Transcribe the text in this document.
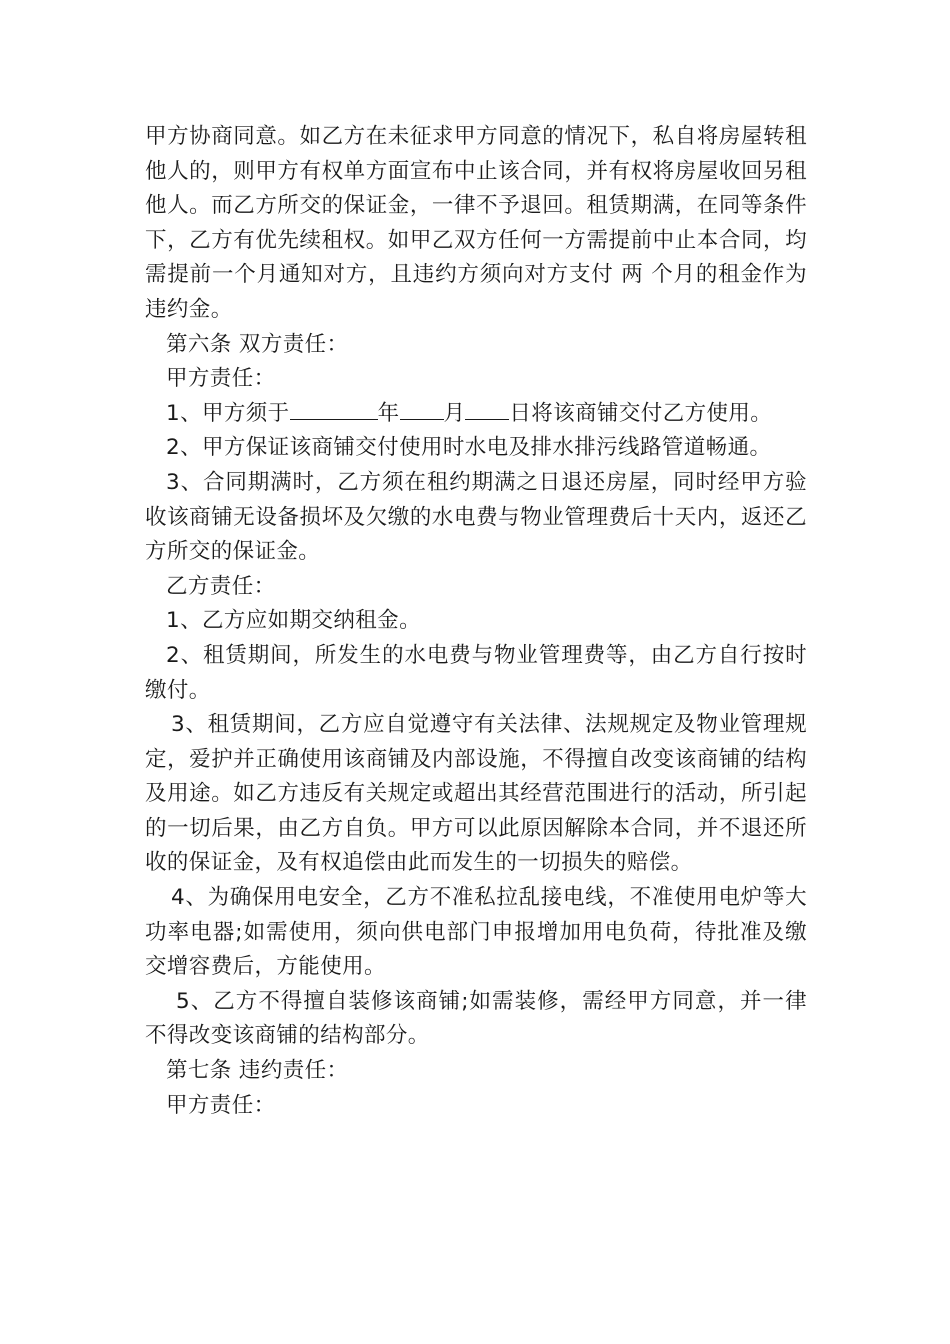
甲方协商同意。如乙方在未征求甲方同意的情况下，私自将房屋转租他人的，则甲方有权单方面宣布中止该合同，并有权将房屋收回另租他人。而乙方所交的保证金，一律不予退回。租赁期满，在同等条件下，乙方有优先续租权。如甲乙双方任何一方需提前中止本合同，均需提前一个月通知对方，且违约方须向对方支付 两 个月的租金作为违约金。

第六条 双方责任：

甲方责任：

1、甲方须于	年 月 日将该商铺交付乙方使用。

2、甲方保证该商铺交付使用时水电及排水排污线路管道畅通。

3、合同期满时，乙方须在租约期满之日退还房屋，同时经甲方验收该商铺无设备损坏及欠缴的水电费与物业管理费后十天内，返还乙方所交的保证金。

乙方责任：

1、乙方应如期交纳租金。

2、租赁期间，所发生的水电费与物业管理费等，由乙方自行按时缴付。

3、租赁期间，乙方应自觉遵守有关法律、法规规定及物业管理规定，爱护并正确使用该商铺及内部设施，不得擅自改变该商铺的结构及用途。如乙方违反有关规定或超出其经营范围进行的活动，所引起的一切后果，由乙方自负。甲方可以此原因解除本合同，并不退还所收的保证金，及有权追偿由此而发生的一切损失的赔偿。

4、为确保用电安全，乙方不准私拉乱接电线，不准使用电炉等大功率电器;如需使用，须向供电部门申报增加用电负荷，待批准及缴交增容费后，方能使用。

5、乙方不得擅自装修该商铺;如需装修，需经甲方同意，并一律不得改变该商铺的结构部分。

第七条 违约责任：

甲方责任：
